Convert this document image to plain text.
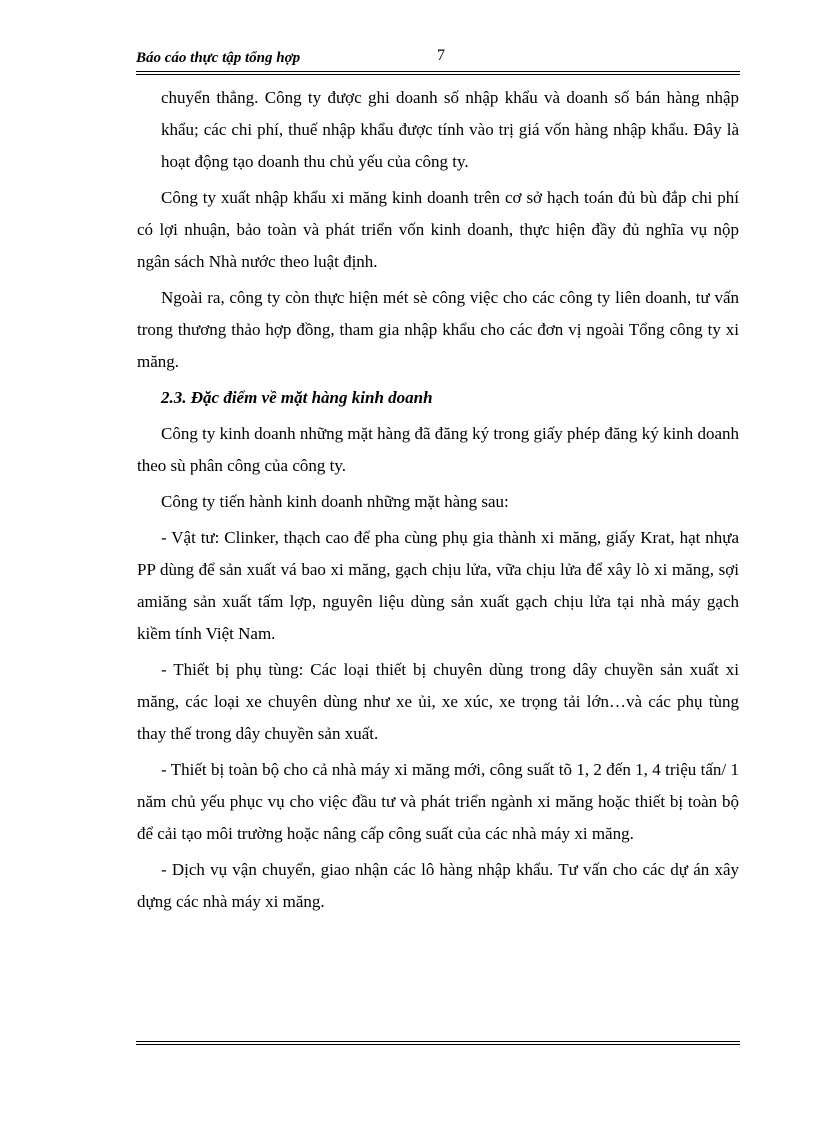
Báo cáo thực tập tổng hợp	7

chuyển thẳng. Công ty được ghi doanh số nhập khẩu và doanh số bán hàng nhập khẩu; các chi phí, thuế nhập khẩu được tính vào trị giá vốn hàng nhập khẩu. Đây là hoạt động tạo doanh thu chủ yếu của công ty.

Công ty xuất nhập khẩu xi măng kinh doanh trên cơ sở hạch toán đủ bù đắp chi phí có lợi nhuận, bảo toàn và phát triển vốn kinh doanh, thực hiện đầy đủ nghĩa vụ nộp ngân sách Nhà nước theo luật định.

Ngoài ra, công ty còn thực hiện mét sè công việc cho các công ty liên doanh, tư vấn trong thương thảo hợp đồng, tham gia nhập khẩu cho các đơn vị ngoài Tổng công ty xi măng.

2.3. Đặc điểm về mặt hàng kinh doanh

Công ty kinh doanh những mặt hàng đã đăng ký trong giấy phép đăng ký kinh doanh theo sù phân công của công ty.

Công ty tiến hành kinh doanh những mặt hàng sau:

- Vật tư: Clinker, thạch cao để pha cùng phụ gia thành xi măng, giấy Krat, hạt nhựa PP dùng để sản xuất vá bao xi măng, gạch chịu lửa, vữa chịu lửa để xây lò xi măng, sợi amiăng sản xuất tấm lợp, nguyên liệu dùng sản xuất gạch chịu lửa tại nhà máy gạch kiềm tính Việt Nam.

- Thiết bị phụ tùng: Các loại thiết bị chuyên dùng trong dây chuyền sản xuất xi măng, các loại xe chuyên dùng như xe ủi, xe xúc, xe trọng tải lớn…và các phụ tùng thay thế trong dây chuyền sản xuất.

- Thiết bị toàn bộ cho cả nhà máy xi măng mới, công suất tõ 1, 2 đến 1, 4 triệu tấn/ 1 năm chủ yếu phục vụ cho việc đầu tư và phát triển ngành xi măng hoặc thiết bị toàn bộ để cải tạo môi trường hoặc nâng cấp công suất của các nhà máy xi măng.

- Dịch vụ vận chuyển, giao nhận các lô hàng nhập khẩu. Tư vấn cho các dự án xây dựng các nhà máy xi măng.
